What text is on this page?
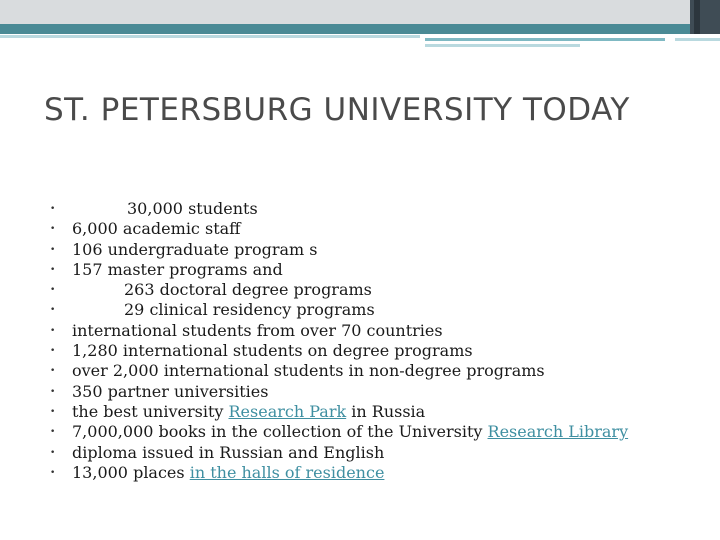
ST. PETERSBURG UNIVERSITY TODAY
•	30,000 students
• 6,000 academic staff
• 106 undergraduate program s
• 157 master programs and
•	263 doctoral degree programs
•	29 clinical residency programs
• international students from over 70 countries
• 1,280 international students on degree programs
• over 2,000 international students in non-degree programs
• 350 partner universities
• the best university Research Park in Russia
• 7,000,000 books in the collection of the University Research Library
• diploma issued in Russian and English
• 13,000 places in the halls of residence
